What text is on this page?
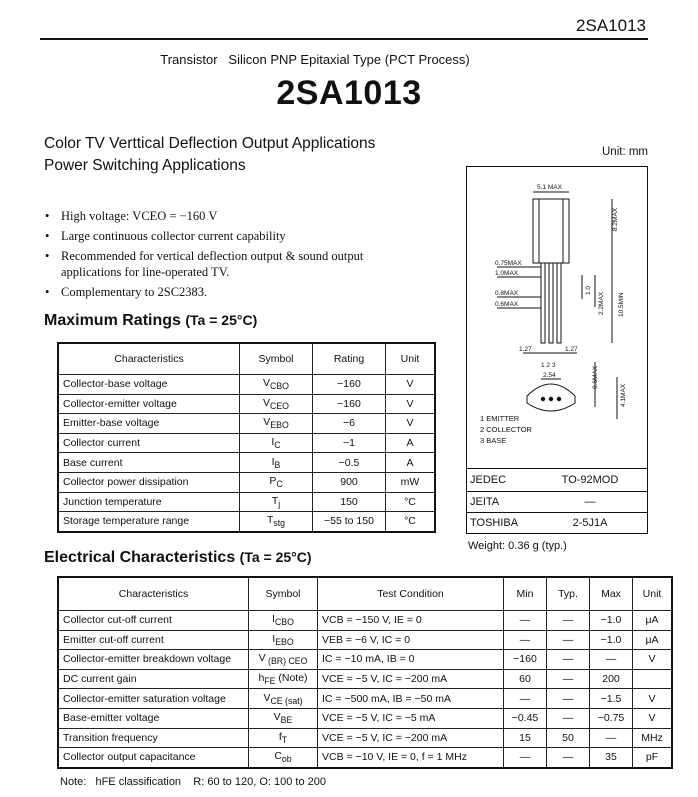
2SA1013
Transistor   Silicon PNP Epitaxial Type (PCT Process)
2SA1013
Color TV Verttical Deflection Output Applications
Power Switching Applications
Unit: mm
• High voltage: VCEO = −160 V
• Large continuous collector current capability
• Recommended for vertical deflection output & sound output applications for line-operated TV.
• Complementary to 2SC2383.
Maximum Ratings (Ta = 25°C)
Characteristics	Symbol	Rating	Unit
Collector-base voltage	$V_{CBO}$	−160	V
Collector-emitter voltage	$V_{CEO}$	−160	V
Emitter-base voltage	$V_{EBO}$	−6	V
Collector current	$I_C$	−1	A
Base current	$I_B$	−0.5	A
Collector power dissipation	$P_C$	900	mW
Junction temperature	$T_j$	150	°C
Storage temperature range	$T_{stg}$	−55 to 150	°C
Electrical Characteristics (Ta = 25°C)
Characteristics	Symbol	Test Condition	Min	Typ.	Max	Unit
Collector cut-off current	$I_{CBO}$	VCB = −150 V, IE = 0	―	―	−1.0	μA
Emitter cut-off current	$I_{EBO}$	VEB = −6 V, IC = 0	―	―	−1.0	μA
Collector-emitter breakdown voltage	V $_{(BR) CEO}$	IC = −10 mA, IB = 0	−160	―	―	V
DC current gain	$h_{FE}$ (Note)	VCE = −5 V, IC = −200 mA	60	―	200	
Collector-emitter saturation voltage	$V_{CE (sat)}$	IC = −500 mA, IB = −50 mA	―	―	−1.5	V
Base-emitter voltage	$V_{BE}$	VCE = −5 V, IC = −5 mA	−0.45	―	−0.75	V
Transition frequency	$f_T$	VCE = −5 V, IC = −200 mA	15	50	―	MHz
Collector output capacitance	$C_{ob}$	VCB = −10 V, IE = 0, f = 1 MHz	―	―	35	pF
5.1 MAX
8.2MAX
0.75MAX
1.0MAX
0.8MAX
0.6MAX
1.0
2.2MAX 10.5MIN
1.27
2.54
1.27
1 2 3
0.6MAX
4.1MAX
1 EMITTER
2 COLLECTOR
3 BASE
JEDEC	TO-92MOD
JEITA	―
TOSHIBA	2-5J1A
Weight: 0.36 g (typ.)
Note:   hFE classification    R: 60 to 120, O: 100 to 200
